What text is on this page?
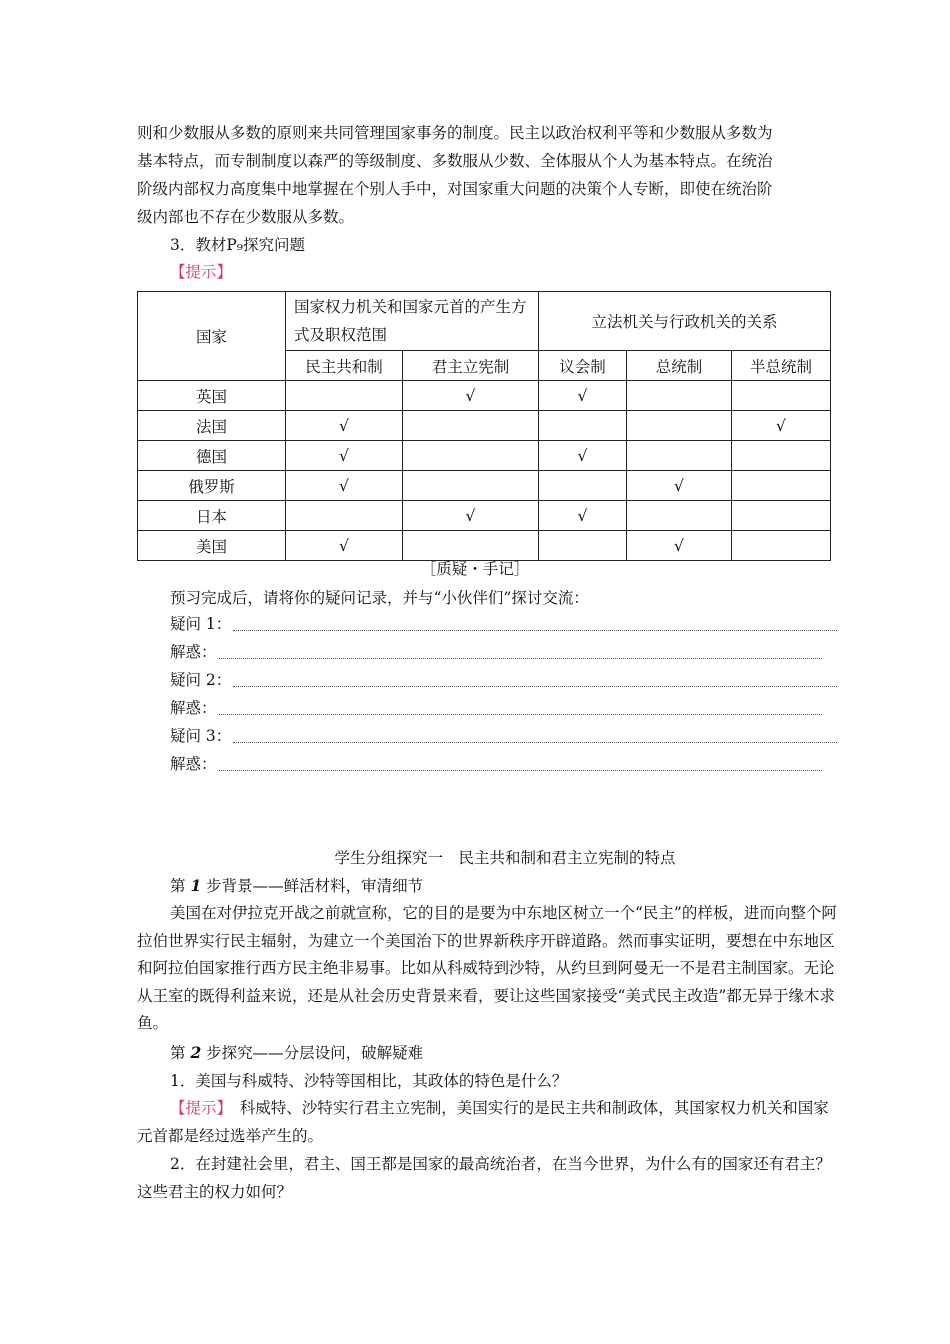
则和少数服从多数的原则来共同管理国家事务的制度。民主以政治权利平等和少数服从多数为

基本特点，而专制制度以森严的等级制度、多数服从少数、全体服从个人为基本特点。在统治

阶级内部权力高度集中地掌握在个别人手中，对国家重大问题的决策个人专断，即使在统治阶

级内部也不存在少数服从多数。

3．教材P₉探究问题

【提示】

国家	国家权力机关和国家元首的产生方式及职权范围		立法机关与行政机关的关系		
	民主共和制	君主立宪制	议会制	总统制	半总统制
英国		√	√		
法国	√				√
德国	√		√		
俄罗斯	√			√	
日本		√	√		
美国	√			√	
［质疑・手记］

预习完成后，请将你的疑问记录，并与“小伙伴们”探讨交流：

疑问 1：
解惑：
疑问 2：
解惑：
疑问 3：
解惑：
学生分组探究一　民主共和制和君主立宪制的特点

第 1 步背景——鲜活材料，审清细节

美国在对伊拉克开战之前就宣称，它的目的是要为中东地区树立一个“民主”的样板，进而向整个阿拉伯世界实行民主辐射，为建立一个美国治下的世界新秩序开辟道路。然而事实证明，要想在中东地区和阿拉伯国家推行西方民主绝非易事。比如从科威特到沙特，从约旦到阿曼无一不是君主制国家。无论从王室的既得利益来说，还是从社会历史背景来看，要让这些国家接受“美式民主改造”都无异于缘木求鱼。

第 2 步探究——分层设问，破解疑难

1．美国与科威特、沙特等国相比，其政体的特色是什么？

【提示】　科威特、沙特实行君主立宪制，美国实行的是民主共和制政体，其国家权力机关和国家元首都是经过选举产生的。

2．在封建社会里，君主、国王都是国家的最高统治者，在当今世界，为什么有的国家还有君主？这些君主的权力如何？
